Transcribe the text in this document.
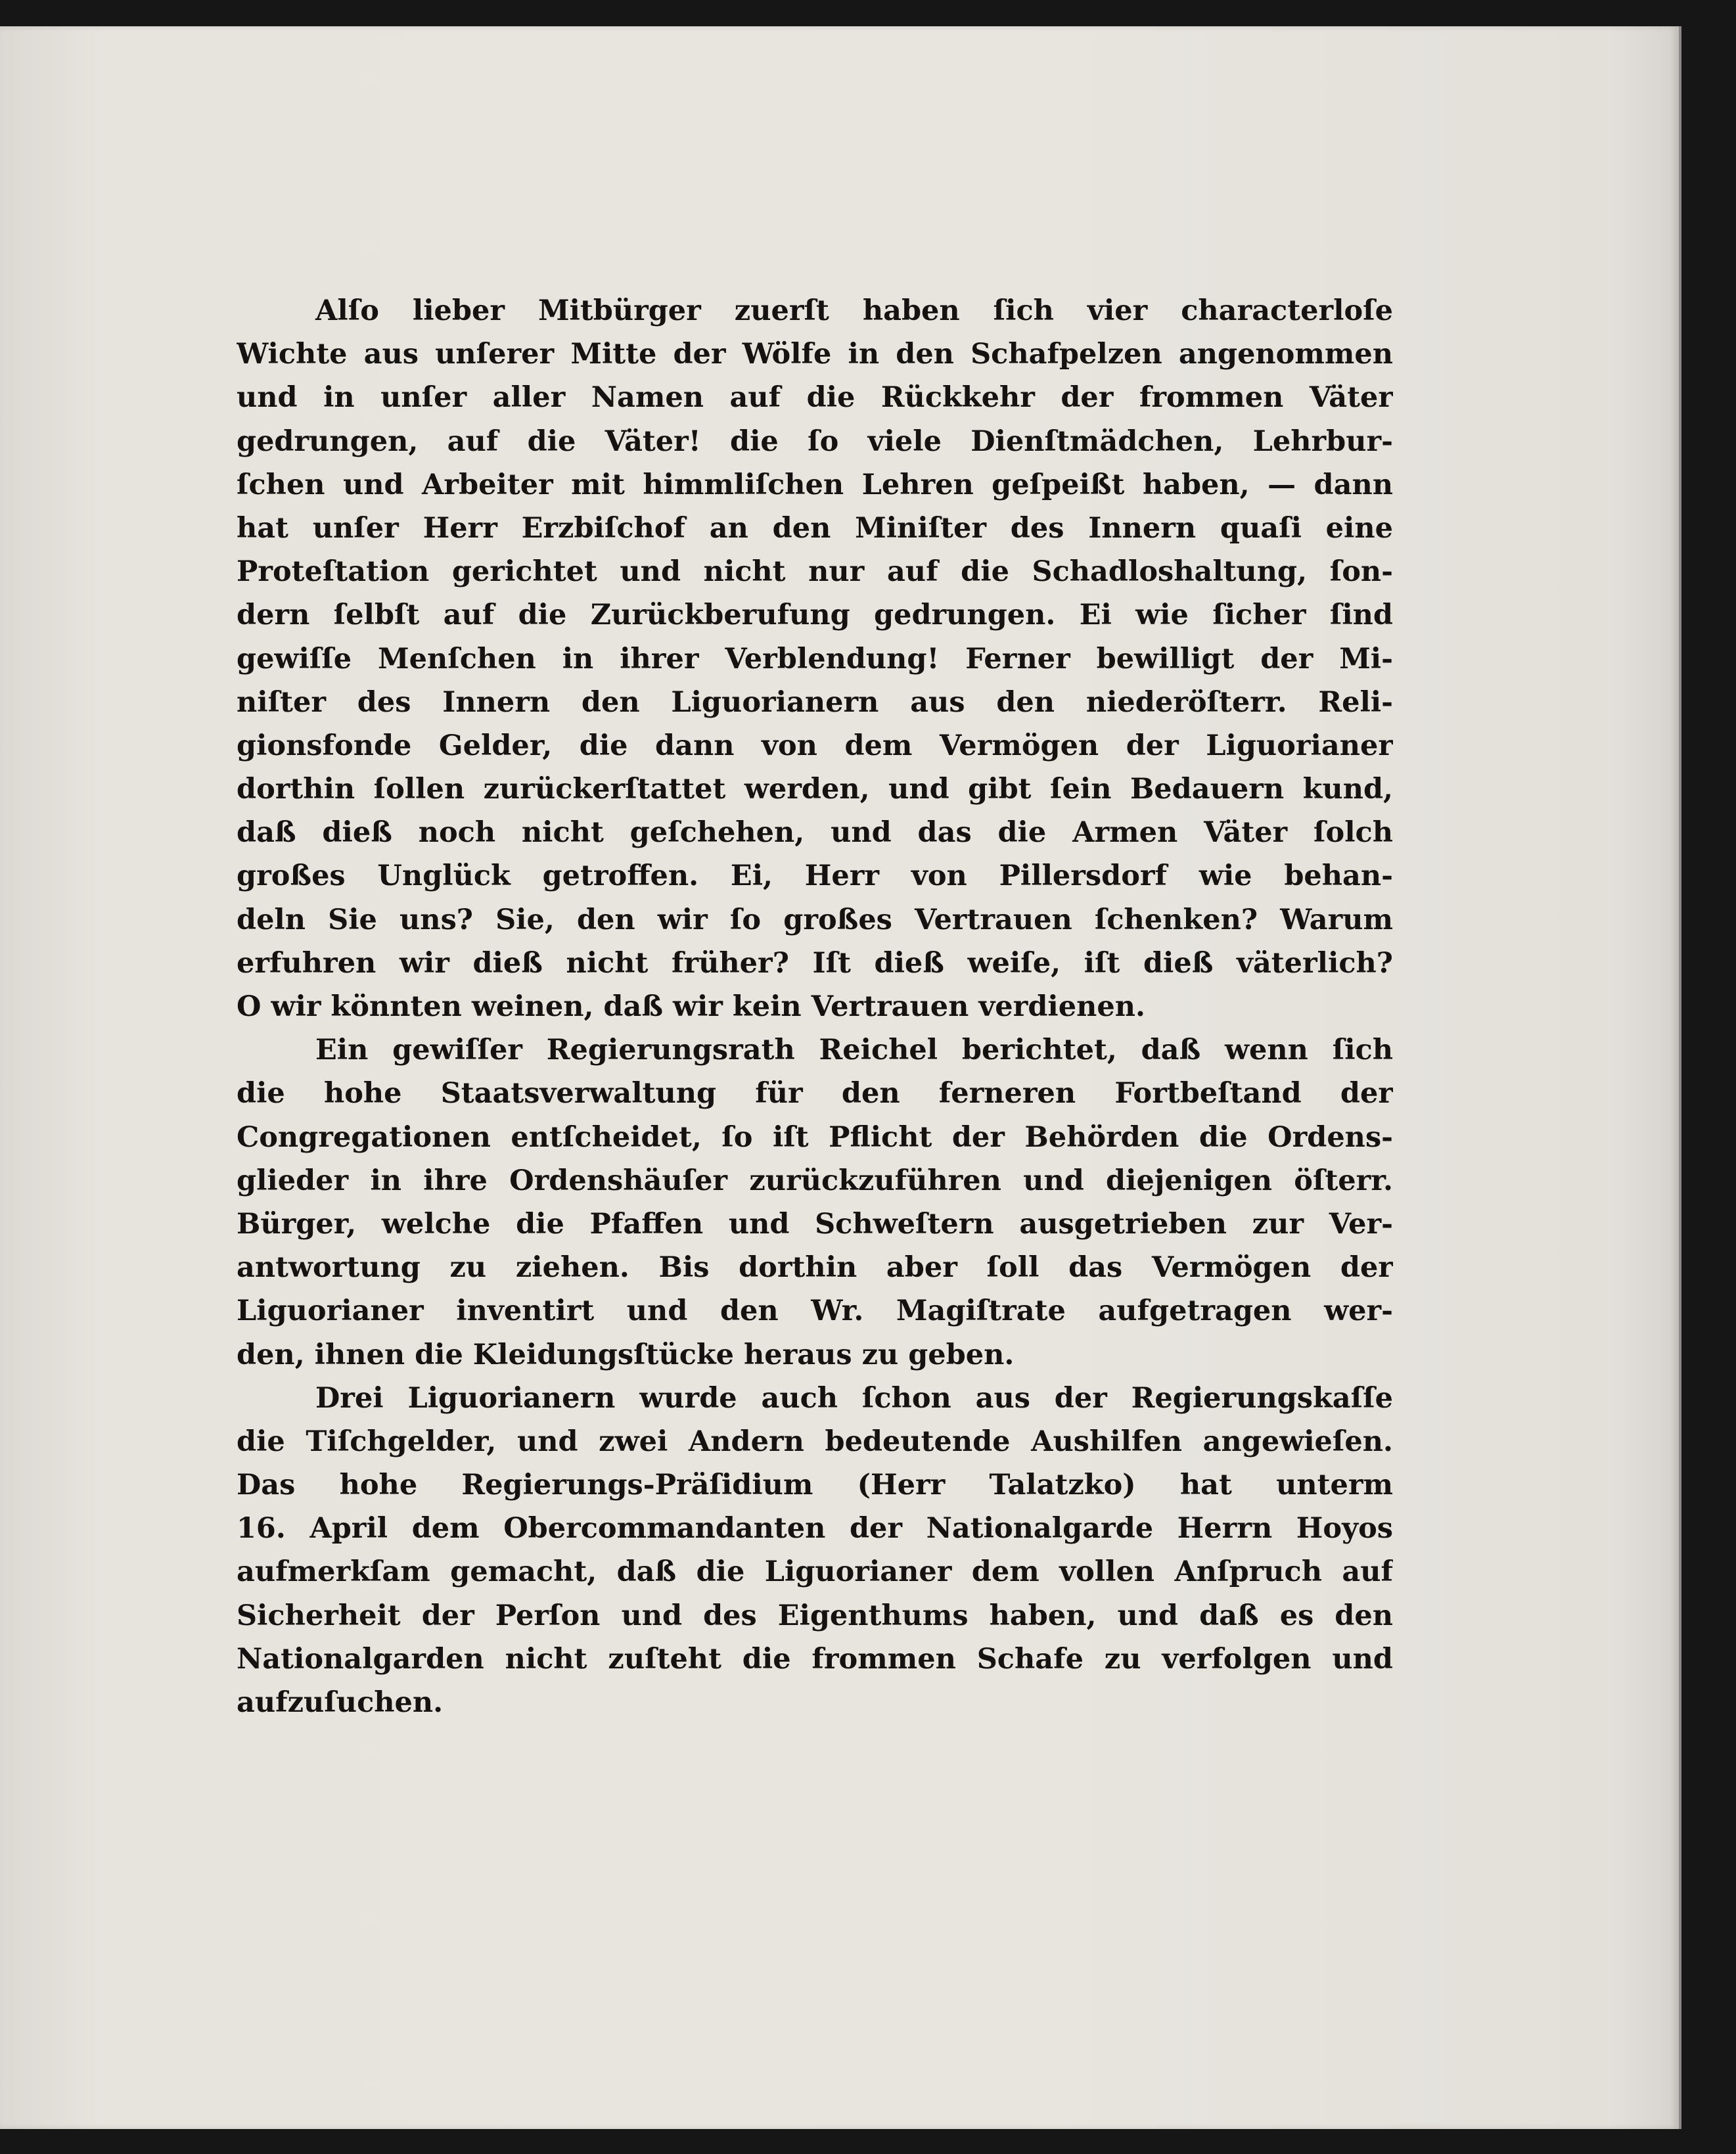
Alſo lieber Mitbürger zuerſt haben ſich vier characterloſe
Wichte aus unſerer Mitte der Wölfe in den Schafpelzen angenommen
und in unſer aller Namen auf die Rückkehr der frommen Väter
gedrungen, auf die Väter! die ſo viele Dienſtmädchen, Lehrbur-
ſchen und Arbeiter mit himmliſchen Lehren geſpeißt haben, — dann
hat unſer Herr Erzbiſchof an den Miniſter des Innern quaſi eine
Proteſtation gerichtet und nicht nur auf die Schadloshaltung, ſon-
dern ſelbſt auf die Zurückberufung gedrungen. Ei wie ſicher ſind
gewiſſe Menſchen in ihrer Verblendung! Ferner bewilligt der Mi-
niſter des Innern den Liguorianern aus den niederöſterr. Reli-
gionsfonde Gelder, die dann von dem Vermögen der Liguorianer
dorthin ſollen zurückerſtattet werden, und gibt ſein Bedauern kund,
daß dieß noch nicht geſchehen, und das die Armen Väter ſolch
großes Unglück getroffen. Ei, Herr von Pillersdorf wie behan-
deln Sie uns? Sie, den wir ſo großes Vertrauen ſchenken? Warum
erfuhren wir dieß nicht früher? Iſt dieß weiſe, iſt dieß väterlich?
O wir könnten weinen, daß wir kein Vertrauen verdienen.
Ein gewiſſer Regierungsrath Reichel berichtet, daß wenn ſich
die hohe Staatsverwaltung für den ferneren Fortbeſtand der
Congregationen entſcheidet, ſo iſt Pflicht der Behörden die Ordens-
glieder in ihre Ordenshäuſer zurückzuführen und diejenigen öſterr.
Bürger, welche die Pfaffen und Schweſtern ausgetrieben zur Ver-
antwortung zu ziehen. Bis dorthin aber ſoll das Vermögen der
Liguorianer inventirt und den Wr. Magiſtrate aufgetragen wer-
den, ihnen die Kleidungsſtücke heraus zu geben.
Drei Liguorianern wurde auch ſchon aus der Regierungskaſſe
die Tiſchgelder, und zwei Andern bedeutende Aushilfen angewieſen.
Das hohe Regierungs-Präſidium (Herr Talatzko) hat unterm
16. April dem Obercommandanten der Nationalgarde Herrn Hoyos
aufmerkſam gemacht, daß die Liguorianer dem vollen Anſpruch auf
Sicherheit der Perſon und des Eigenthums haben, und daß es den
Nationalgarden nicht zuſteht die frommen Schafe zu verfolgen und
aufzuſuchen.
